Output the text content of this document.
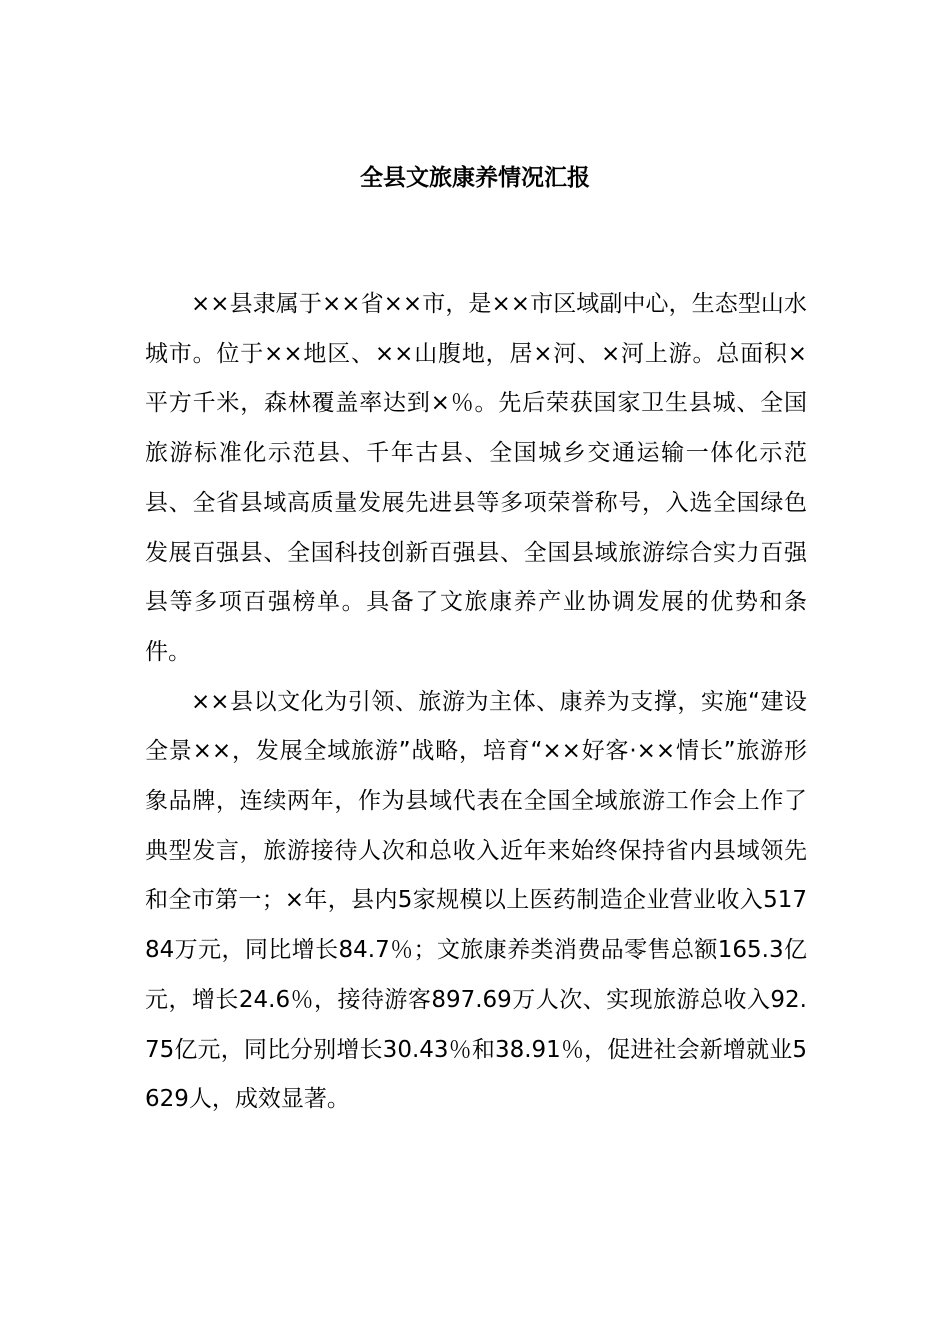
全县文旅康养情况汇报

××县隶属于××省××市，是××市区域副中心，生态型山水城市。位于××地区、××山腹地，居×河、×河上游。总面积×平方千米，森林覆盖率达到×％。先后荣获国家卫生县城、全国旅游标准化示范县、千年古县、全国城乡交通运输一体化示范县、全省县域高质量发展先进县等多项荣誉称号，入选全国绿色发展百强县、全国科技创新百强县、全国县域旅游综合实力百强县等多项百强榜单。具备了文旅康养产业协调发展的优势和条件。

××县以文化为引领、旅游为主体、康养为支撑，实施“建设全景××，发展全域旅游”战略，培育“××好客·××情长”旅游形象品牌，连续两年，作为县域代表在全国全域旅游工作会上作了典型发言，旅游接待人次和总收入近年来始终保持省内县域领先和全市第一；×年，县内5家规模以上医药制造企业营业收入51784万元，同比增长84.7％；文旅康养类消费品零售总额165.3亿元，增长24.6％，接待游客897.69万人次、实现旅游总收入92.75亿元，同比分别增长30.43％和38.91％，促进社会新增就业5629人，成效显著。
